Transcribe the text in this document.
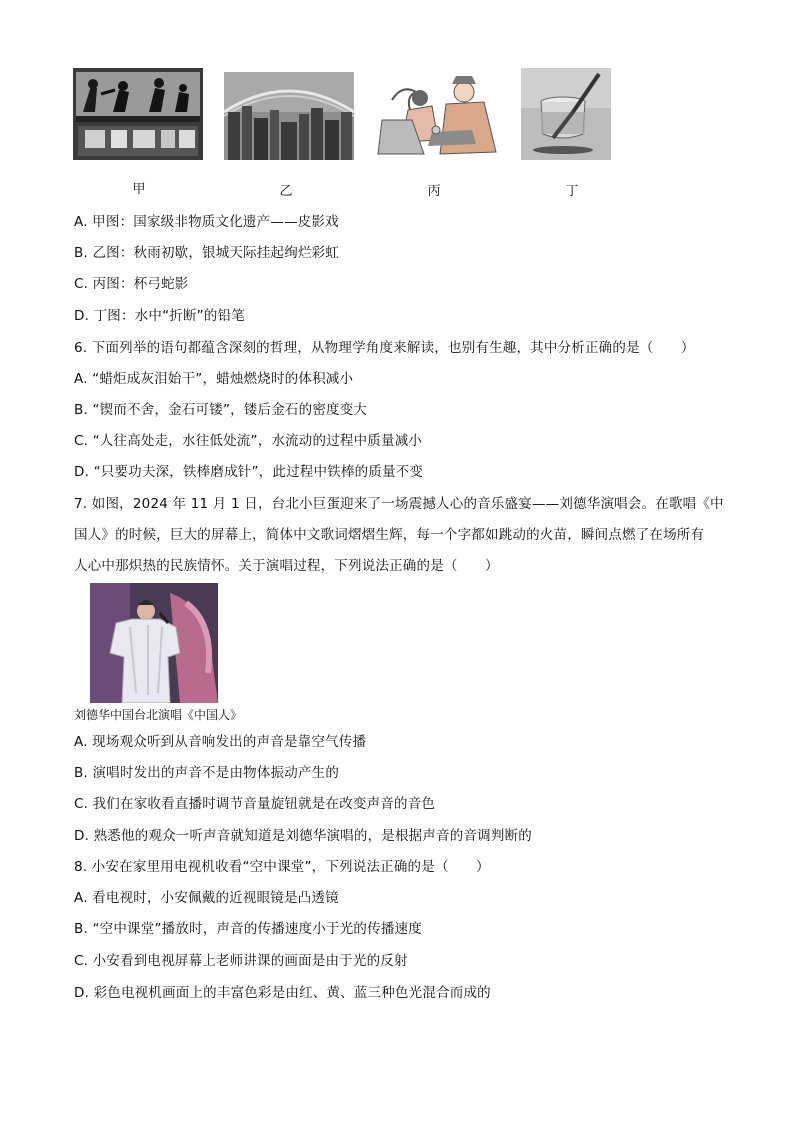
甲	乙	丙	丁
A. 甲图：国家级非物质文化遗产——皮影戏
B. 乙图：秋雨初歇，银城天际挂起绚烂彩虹
C. 丙图：杯弓蛇影
D. 丁图：水中“折断”的铅笔
6. 下面列举的语句都蕴含深刻的哲理，从物理学角度来解读，也别有生趣，其中分析正确的是（　　）
A. “蜡炬成灰泪始干”，蜡烛燃烧时的体积减小
B. “锲而不舍，金石可镂”，镂后金石的密度变大
C. “人往高处走，水往低处流”，水流动的过程中质量减小
D. “只要功夫深，铁棒磨成针”，此过程中铁棒的质量不变
7. 如图，2024 年 11 月 1 日，台北小巨蛋迎来了一场震撼人心的音乐盛宴——刘德华演唱会。在歌唱《中
国人》的时候，巨大的屏幕上，简体中文歌词熠熠生辉，每一个字都如跳动的火苗，瞬间点燃了在场所有
人心中那炽热的民族情怀。关于演唱过程，下列说法正确的是（　　）
刘德华中国台北演唱《中国人》
A. 现场观众听到从音响发出的声音是靠空气传播
B. 演唱时发出的声音不是由物体振动产生的
C. 我们在家收看直播时调节音量旋钮就是在改变声音的音色
D. 熟悉他的观众一听声音就知道是刘德华演唱的，是根据声音的音调判断的
8. 小安在家里用电视机收看“空中课堂”，下列说法正确的是（　　）
A. 看电视时，小安佩戴的近视眼镜是凸透镜
B. “空中课堂”播放时，声音的传播速度小于光的传播速度
C. 小安看到电视屏幕上老师讲课的画面是由于光的反射
D. 彩色电视机画面上的丰富色彩是由红、黄、蓝三种色光混合而成的
